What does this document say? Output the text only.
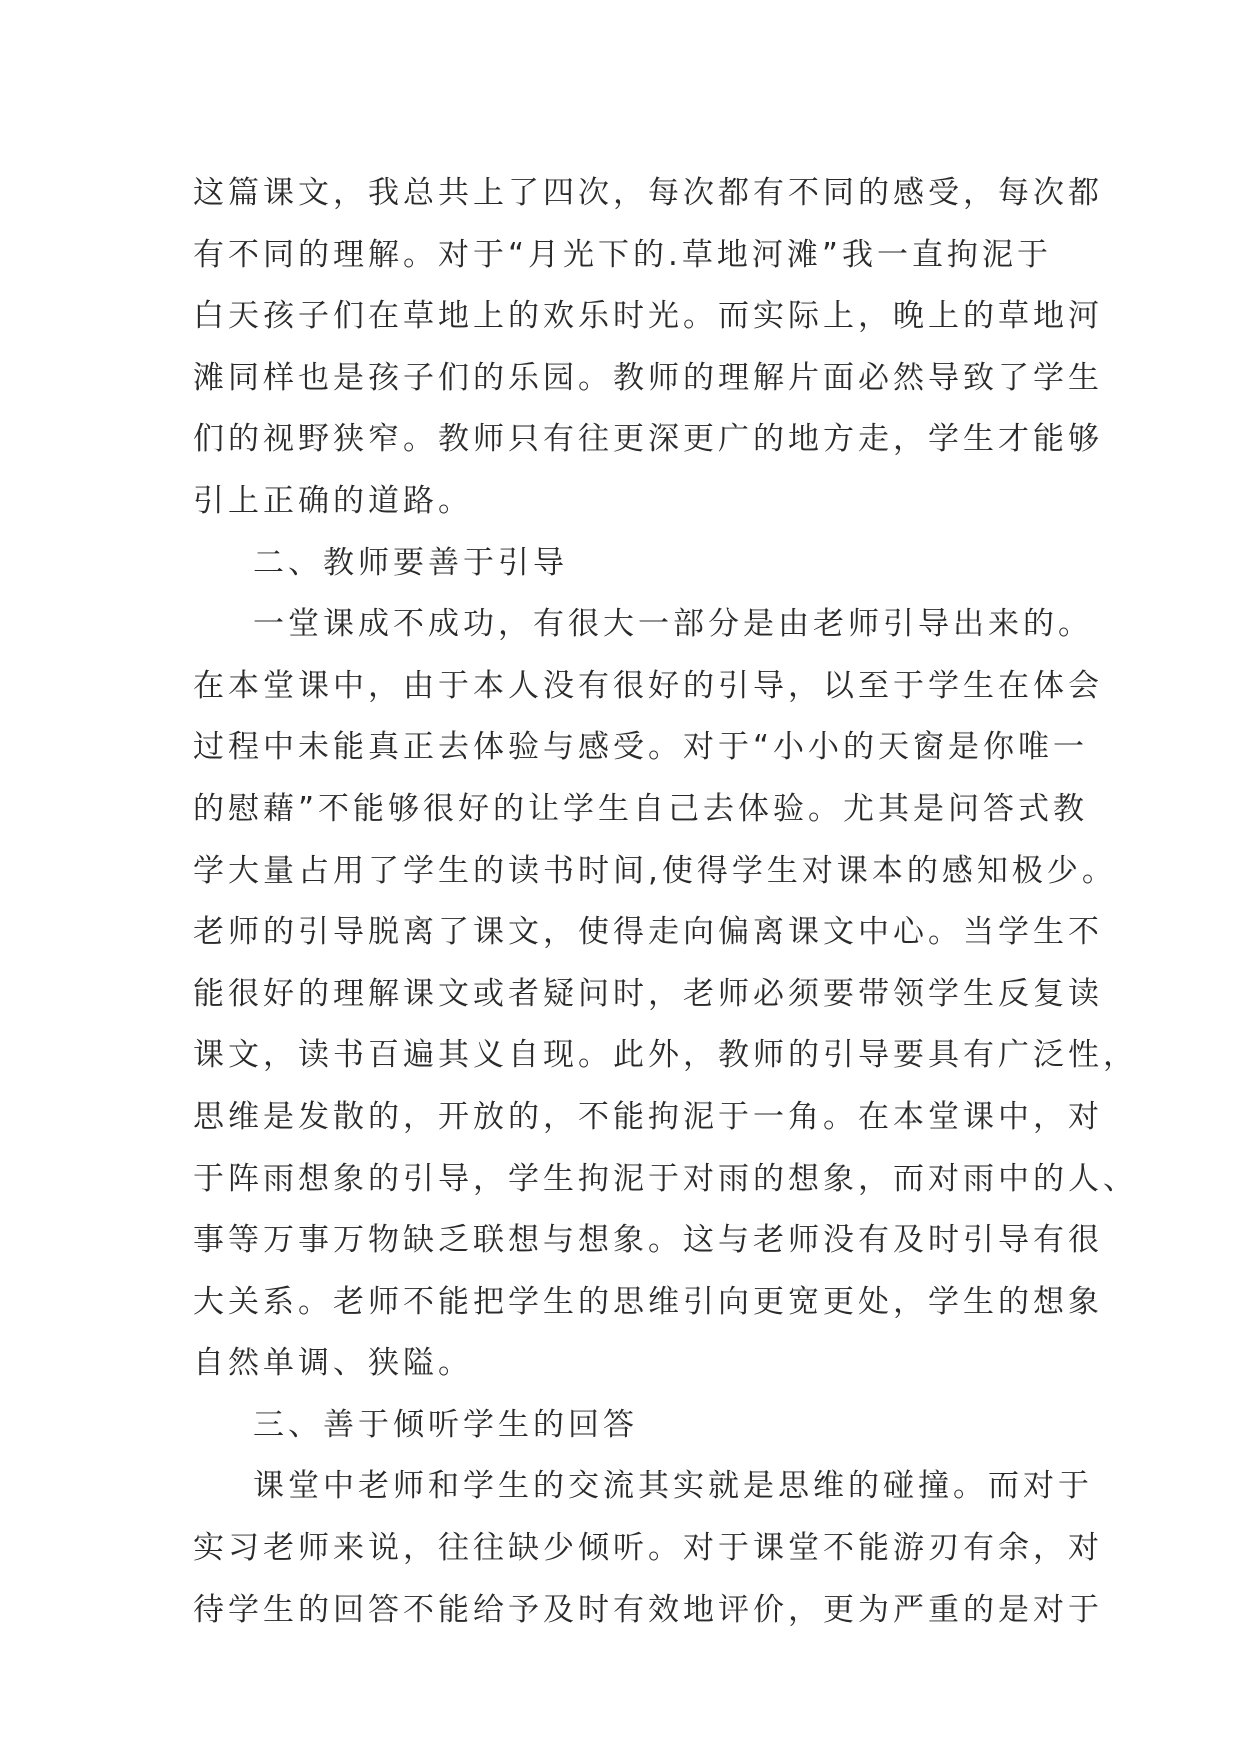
这篇课文，我总共上了四次，每次都有不同的感受，每次都
有不同的理解。对于“月光下的.草地河滩”我一直拘泥于
白天孩子们在草地上的欢乐时光。而实际上，晚上的草地河
滩同样也是孩子们的乐园。教师的理解片面必然导致了学生
们的视野狭窄。教师只有往更深更广的地方走，学生才能够
引上正确的道路。
二、教师要善于引导
一堂课成不成功，有很大一部分是由老师引导出来的。
在本堂课中，由于本人没有很好的引导，以至于学生在体会
过程中未能真正去体验与感受。对于“小小的天窗是你唯一
的慰藉”不能够很好的让学生自己去体验。尤其是问答式教
学大量占用了学生的读书时间,使得学生对课本的感知极少。
老师的引导脱离了课文，使得走向偏离课文中心。当学生不
能很好的理解课文或者疑问时，老师必须要带领学生反复读
课文，读书百遍其义自现。此外，教师的引导要具有广泛性，
思维是发散的，开放的，不能拘泥于一角。在本堂课中，对
于阵雨想象的引导，学生拘泥于对雨的想象，而对雨中的人、
事等万事万物缺乏联想与想象。这与老师没有及时引导有很
大关系。老师不能把学生的思维引向更宽更处，学生的想象
自然单调、狭隘。
三、善于倾听学生的回答
课堂中老师和学生的交流其实就是思维的碰撞。而对于
实习老师来说，往往缺少倾听。对于课堂不能游刃有余，对
待学生的回答不能给予及时有效地评价，更为严重的是对于
